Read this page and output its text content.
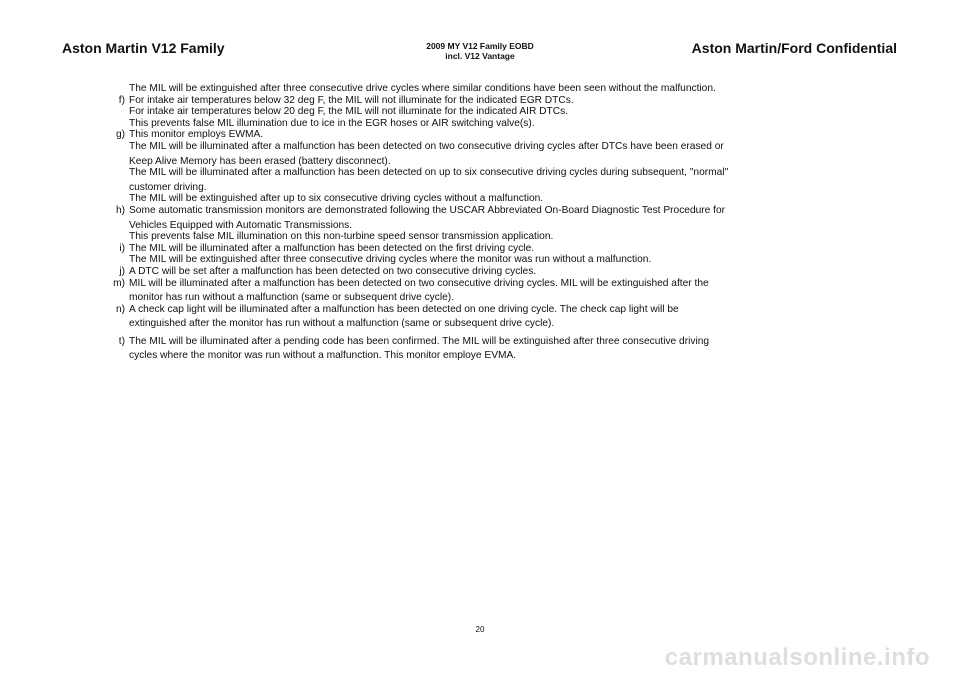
Aston Martin V12 Family	2009 MY V12 Family EOBD
incl. V12 Vantage	Aston Martin/Ford Confidential
The MIL will be extinguished after three consecutive drive cycles where similar conditions have been seen without the malfunction.
f) For intake air temperatures below 32 deg F, the MIL will not illuminate for the indicated EGR DTCs.
For intake air temperatures below 20 deg F, the MIL will not illuminate for the indicated AIR DTCs.
This prevents false MIL illumination due to ice in the EGR hoses or AIR switching valve(s).
g) This monitor employs EWMA.
The MIL will be illuminated after a malfunction has been detected on two consecutive driving cycles after DTCs have been erased or
Keep Alive Memory has been erased (battery disconnect).
The MIL will be illuminated after a malfunction has been detected on up to six consecutive driving cycles during subsequent, "normal"
customer driving.
The MIL will be extinguished after up to six consecutive driving cycles without a malfunction.
h) Some automatic transmission monitors are demonstrated following the USCAR Abbreviated On-Board Diagnostic Test Procedure for
Vehicles Equipped with Automatic Transmissions.
This prevents false MIL illumination on this non-turbine speed sensor transmission application.
i) The MIL will be illuminated after a malfunction has been detected on the first driving cycle.
The MIL will be extinguished after three consecutive driving cycles where the monitor was run without a malfunction.
j) A DTC will be set after a malfunction has been detected on two consecutive driving cycles.
m) MIL will be illuminated after a malfunction has been detected on two consecutive driving cycles. MIL will be extinguished after the
monitor has run without a malfunction (same or subsequent drive cycle).
n) A check cap light will be illuminated after a malfunction has been detected on one driving cycle. The check cap light will be
extinguished after the monitor has run without a malfunction (same or subsequent drive cycle).
t) The MIL will be illuminated after a pending code has been confirmed. The MIL will be extinguished after three consecutive driving
cycles where the monitor was run without a malfunction. This monitor employe EVMA.
20
carmanualsonline.info
